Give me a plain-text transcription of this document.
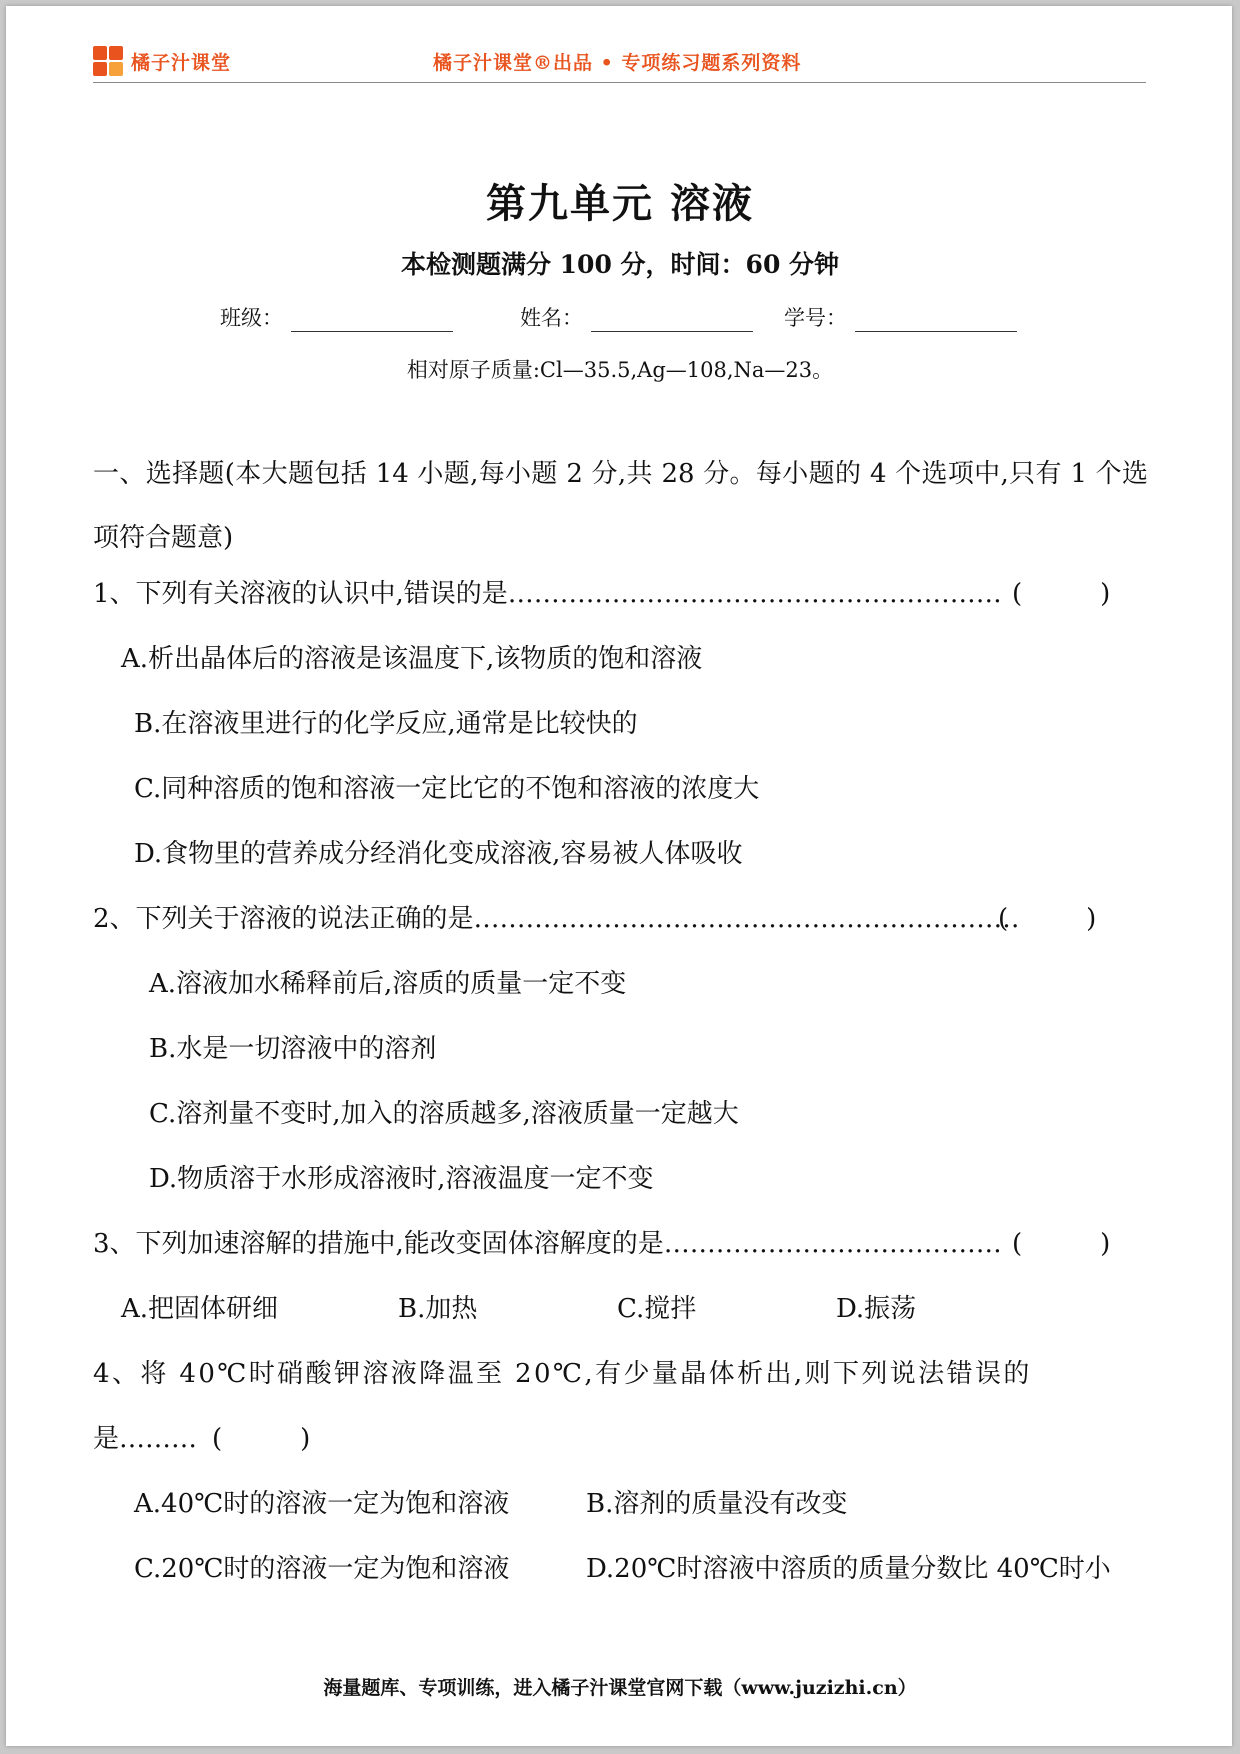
橘子汁课堂	橘子汁课堂®出品 • 专项练习题系列资料
第九单元 溶液
本检测题满分 100 分，时间：60 分钟
班级：	姓名：	学号：
相对原子质量:Cl—35.5,Ag—108,Na—23。
一、选择题(本大题包括 14 小题,每小题 2 分,共 28 分。每小题的 4 个选项中,只有 1 个选项符合题意)
1、下列有关溶液的认识中,错误的是………………………………………………… (　　　)
A.析出晶体后的溶液是该温度下,该物质的饱和溶液
B.在溶液里进行的化学反应,通常是比较快的
C.同种溶质的饱和溶液一定比它的不饱和溶液的浓度大
D.食物里的营养成分经消化变成溶液,容易被人体吸收
2、下列关于溶液的说法正确的是………………………………………………………
(　　　)
A.溶液加水稀释前后,溶质的质量一定不变
B.水是一切溶液中的溶剂
C.溶剂量不变时,加入的溶质越多,溶液质量一定越大
D.物质溶于水形成溶液时,溶液温度一定不变
3、下列加速溶解的措施中,能改变固体溶解度的是………………………………… (　　　)
A.把固体研细	B.加热	C.搅拌	D.振荡
4、将 40℃时硝酸钾溶液降温至 20℃,有少量晶体析出,则下列说法错误的
是……… (　　　)
A.40℃时的溶液一定为饱和溶液	B.溶剂的质量没有改变
C.20℃时的溶液一定为饱和溶液	D.20℃时溶液中溶质的质量分数比 40℃时小
海量题库、专项训练，进入橘子汁课堂官网下载（www.juzizhi.cn）
